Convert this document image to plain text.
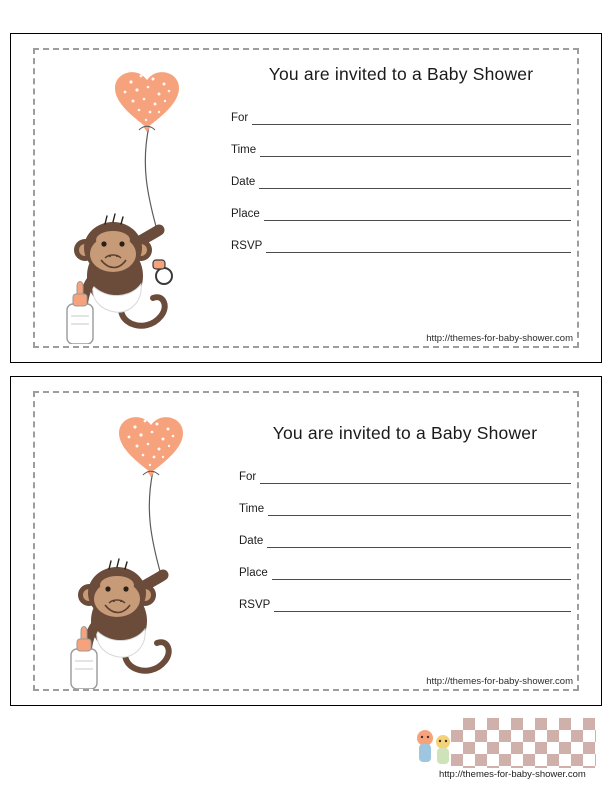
You are invited to a Baby Shower
For
Time
Date
Place
RSVP
http://themes-for-baby-shower.com
You are invited to a Baby Shower
For
Time
Date
Place
RSVP
http://themes-for-baby-shower.com
http://themes-for-baby-shower.com
